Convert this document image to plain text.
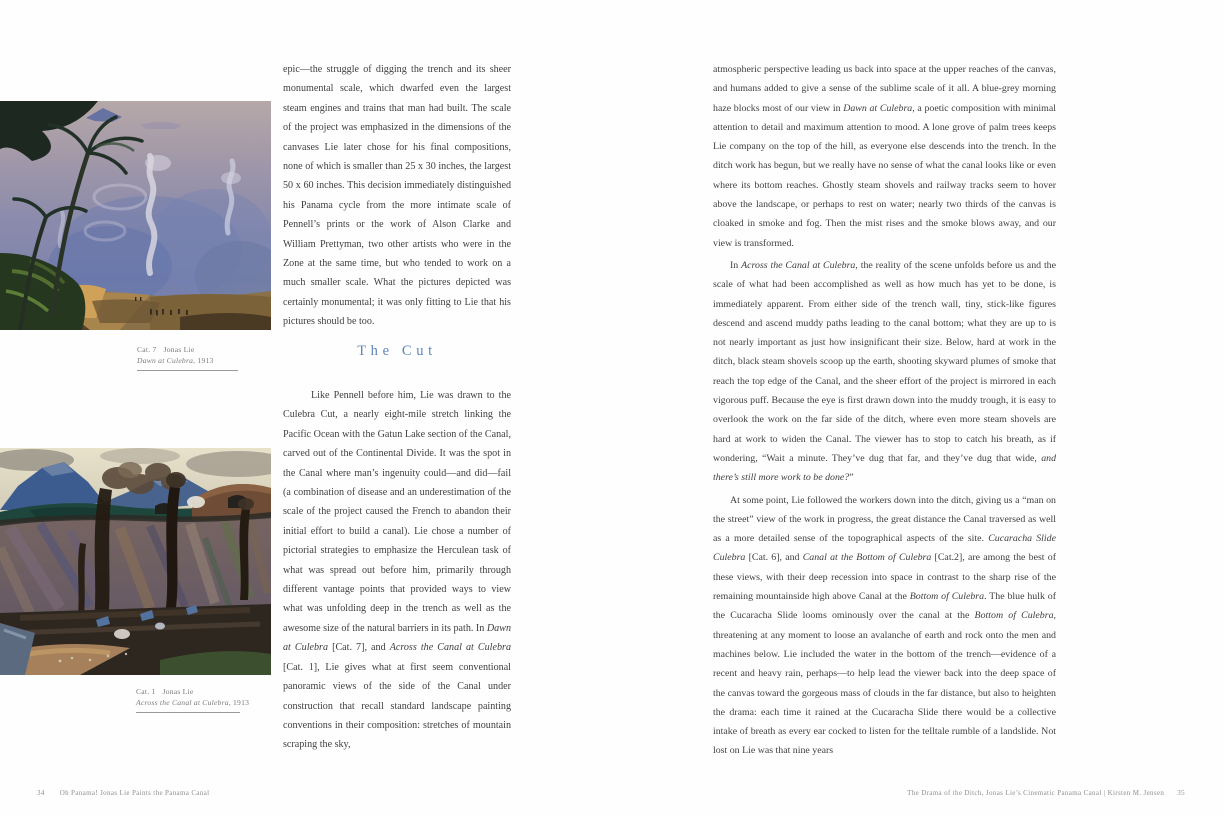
Cat. 7 Jonas Lie
Dawn at Culebra, 1913
Cat. 1 Jonas Lie
Across the Canal at Culebra, 1913
epic—the struggle of digging the trench and its sheer monumental scale, which dwarfed even the largest steam engines and trains that man had built. The scale of the project was emphasized in the dimensions of the canvases Lie later chose for his final compositions, none of which is smaller than 25 x 30 inches, the largest 50 x 60 inches. This decision immediately distinguished his Panama cycle from the more intimate scale of Pennell’s prints or the work of Alson Clarke and William Prettyman, two other artists who were in the Zone at the same time, but who tended to work on a much smaller scale. What the pictures depicted was certainly monumental; it was only fitting to Lie that his pictures should be too.
The Cut
Like Pennell before him, Lie was drawn to the Culebra Cut, a nearly eight-mile stretch linking the Pacific Ocean with the Gatun Lake section of the Canal, carved out of the Continental Divide. It was the spot in the Canal where man’s ingenuity could—and did—fail (a combination of disease and an underestimation of the scale of the project caused the French to abandon their initial effort to build a canal). Lie chose a number of pictorial strategies to emphasize the Herculean task of what was spread out before him, primarily through different vantage points that provided ways to view what was unfolding deep in the trench as well as the awesome size of the natural barriers in its path. In Dawn at Culebra [Cat. 7], and Across the Canal at Culebra [Cat. 1], Lie gives what at first seem conventional panoramic views of the side of the Canal under construction that recall standard landscape painting conventions in their composition: stretches of mountain scraping the sky,

atmospheric perspective leading us back into space at the upper reaches of the canvas, and humans added to give a sense of the sublime scale of it all. A blue-grey morning haze blocks most of our view in Dawn at Culebra, a poetic composition with minimal attention to detail and maximum attention to mood. A lone grove of palm trees keeps Lie company on the top of the hill, as everyone else descends into the trench. In the ditch work has begun, but we really have no sense of what the canal looks like or even where its bottom reaches. Ghostly steam shovels and railway tracks seem to hover above the landscape, or perhaps to rest on water; nearly two thirds of the canvas is cloaked in smoke and fog. Then the mist rises and the smoke blows away, and our view is transformed.

In Across the Canal at Culebra, the reality of the scene unfolds before us and the scale of what had been accomplished as well as how much has yet to be done, is immediately apparent. From either side of the trench wall, tiny, stick-like figures descend and ascend muddy paths leading to the canal bottom; what they are up to is not nearly important as just how insignificant their size. Below, hard at work in the ditch, black steam shovels scoop up the earth, shooting skyward plumes of smoke that reach the top edge of the Canal, and the sheer effort of the project is mirrored in each vigorous puff. Because the eye is first drawn down into the muddy trough, it is easy to overlook the work on the far side of the ditch, where even more steam shovels are hard at work to widen the Canal. The viewer has to stop to catch his breath, as if wondering, “Wait a minute. They’ve dug that far, and they’ve dug that wide, and there’s still more work to be done?”

At some point, Lie followed the workers down into the ditch, giving us a “man on the street” view of the work in progress, the great distance the Canal traversed as well as a more detailed sense of the topographical aspects of the site. Cucaracha Slide Culebra [Cat. 6], and Canal at the Bottom of Culebra [Cat.2], are among the best of these views, with their deep recession into space in contrast to the sharp rise of the remaining mountainside high above Canal at the Bottom of Culebra. The blue hulk of the Cucaracha Slide looms ominously over the canal at the Bottom of Culebra, threatening at any moment to loose an avalanche of earth and rock onto the men and machines below. Lie included the water in the bottom of the trench—evidence of a recent and heavy rain, perhaps—to help lead the viewer back into the deep space of the canvas toward the gorgeous mass of clouds in the far distance, but also to heighten the drama: each time it rained at the Cucaracha Slide there would be a collective intake of breath as every ear cocked to listen for the telltale rumble of a landslide. Not lost on Lie was that nine years

34 Oh Panama! Jonas Lie Paints the Panama Canal	The Drama of the Ditch, Jonas Lie’s Cinematic Panama Canal | Kirsten M. Jensen 35
